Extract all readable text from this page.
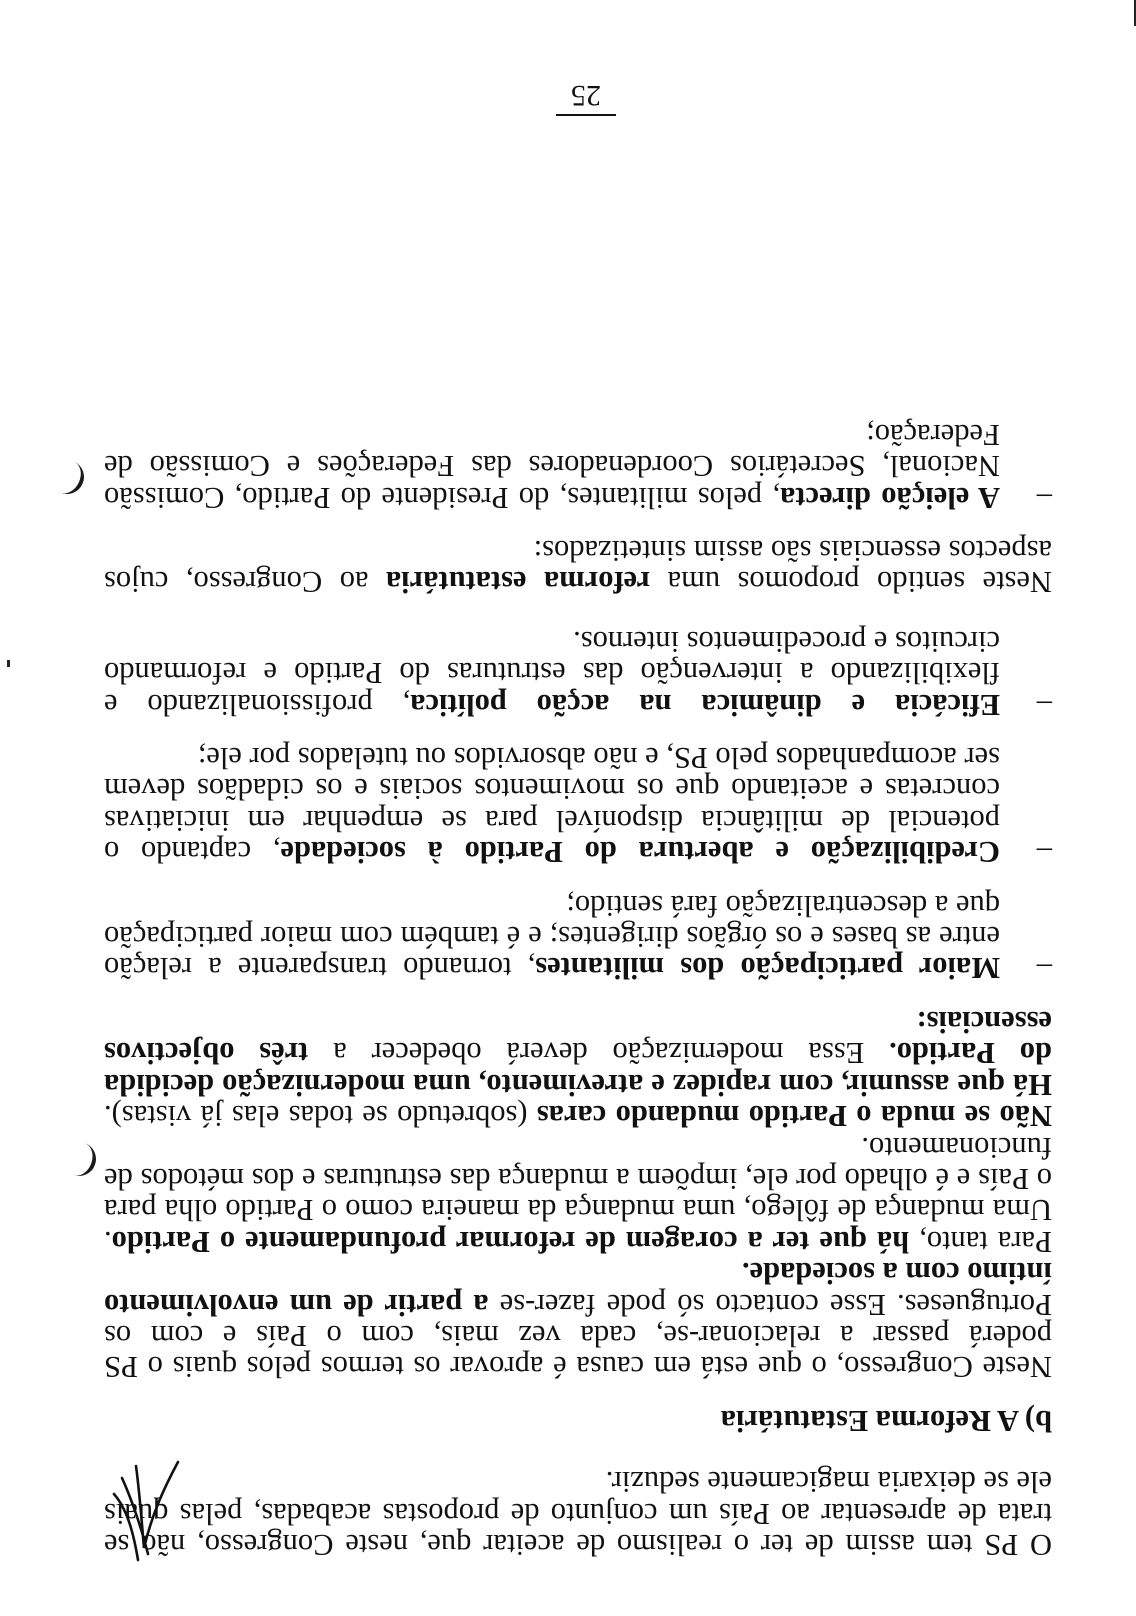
O PS tem assim de ter o realismo de aceitar que, neste Congresso, não se trata de apresentar ao País um conjunto de propostas acabadas, pelas quais ele se deixaria magicamente seduzir.

b) A Reforma Estatutária

Neste Congresso, o que está em causa é aprovar os termos pelos quais o PS poderá passar a relacionar-se, cada vez mais, com o País e com os Portugueses. Esse contacto só pode fazer-se a partir de um envolvimento íntimo com a sociedade.

Para tanto, há que ter a coragem de reformar profundamente o Partido. Uma mudança de fôlego, uma mudança da maneira como o Partido olha para o País e é olhado por ele, impõem a mudança das estruturas e dos métodos de funcionamento.

Não se muda o Partido mudando caras (sobretudo se todas elas já vistas). Há que assumir, com rapidez e atrevimento, uma modernização decidida do Partido. Essa modernização deverá obedecer a três objectivos essenciais:

–Maior participação dos militantes, tornando transparente a relação entre as bases e os órgãos dirigentes; e é também com maior participação que a descentralização fará sentido;

–Credibilização e abertura do Partido à sociedade, captando o potencial de militância disponível para se empenhar em iniciativas concretas e aceitando que os movimentos sociais e os cidadãos devem ser acompanhados pelo PS, e não absorvidos ou tutelados por ele;

–Eficácia e dinâmica na acção política, profissionalizando e flexibilizando a intervenção das estruturas do Partido e reformando circuitos e procedimentos internos.

Neste sentido propomos uma reforma estatutária ao Congresso, cujos aspectos essenciais são assim sintetizados:

–A eleição directa, pelos militantes, do Presidente do Partido, Comissão Nacional, Secretários Coordenadores das Federações e Comissão de Federação;

25
